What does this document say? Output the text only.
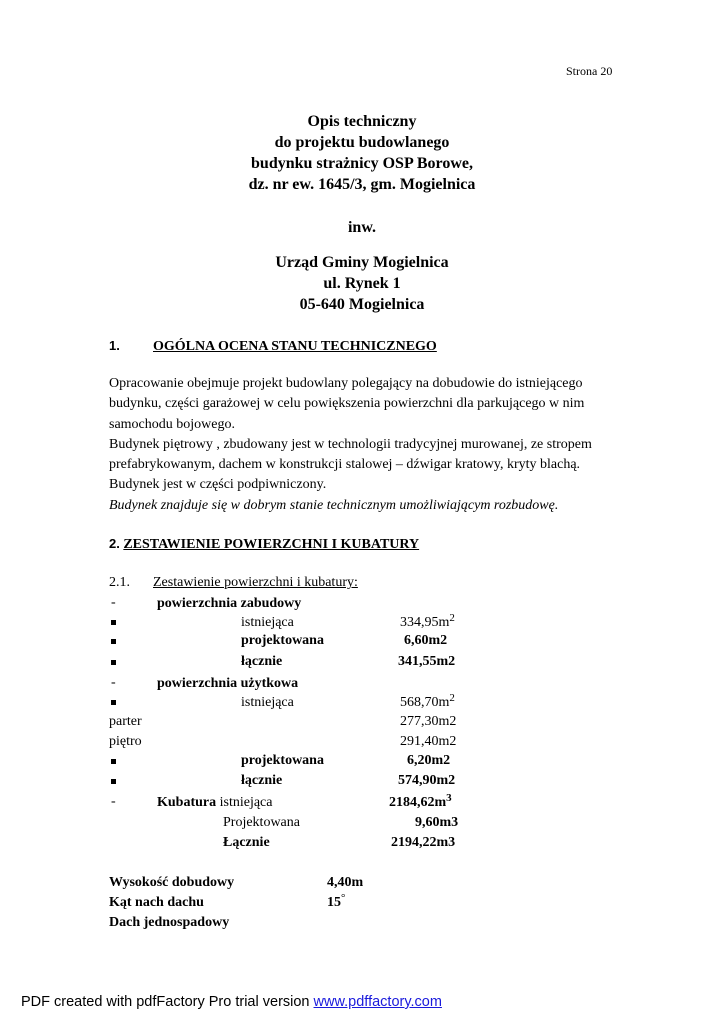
Strona 20
Opis techniczny
do projektu budowlanego
budynku strażnicy OSP Borowe,
dz. nr ew. 1645/3, gm. Mogielnica
inw.
Urząd Gminy Mogielnica
ul. Rynek 1
05-640 Mogielnica
1. OGÓLNA OCENA STANU TECHNICZNEGO
Opracowanie obejmuje projekt budowlany polegający na dobudowie do istniejącego
budynku, części garażowej w celu powiększenia powierzchni dla parkującego w nim
samochodu bojowego.
Budynek piętrowy , zbudowany jest w technologii tradycyjnej murowanej, ze stropem
prefabrykowanym, dachem w konstrukcji stalowej – dźwigar kratowy, kryty blachą.
Budynek jest w części podpiwniczony.
Budynek znajduje się w dobrym stanie technicznym umożliwiającym rozbudowę.
2. ZESTAWIENIE POWIERZCHNI I KUBATURY
2.1. Zestawienie powierzchni i kubatury:
-	powierzchnia zabudowy
istniejąca	$334,95m^2$
projektowana	6,60m2
łącznie	341,55m2
-	powierzchnia użytkowa
istniejąca	$568,70m^2$
parter	277,30m2
piętro	291,40m2
projektowana	6,20m2
łącznie	574,90m2
-	Kubatura istniejąca	$2184,62m^3$
Projektowana	9,60m3
Łącznie	2194,22m3
Wysokość dobudowy	4,40m
Kąt nach dachu	15°
Dach jednospadowy
PDF created with pdfFactory Pro trial version www.pdffactory.com
